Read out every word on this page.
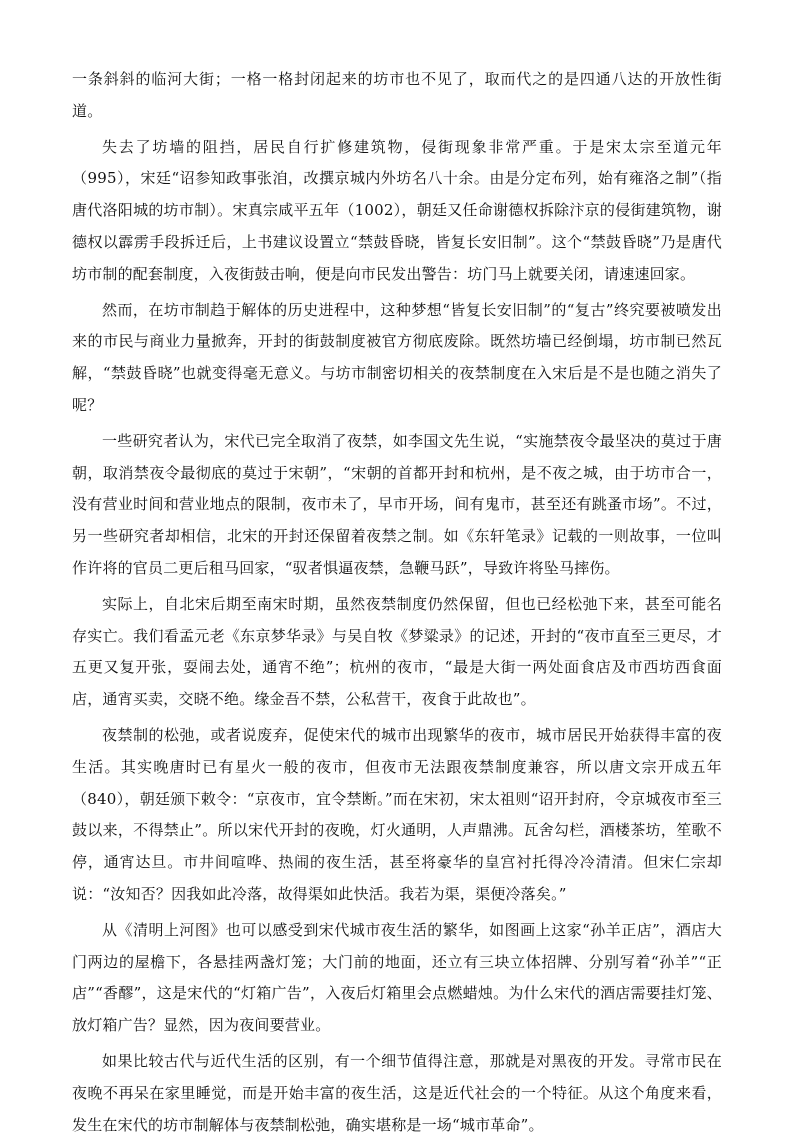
一条斜斜的临河大街；一格一格封闭起来的坊市也不见了，取而代之的是四通八达的开放性街道。

失去了坊墙的阻挡，居民自行扩修建筑物，侵街现象非常严重。于是宋太宗至道元年（995），宋廷“诏参知政事张洎，改撰京城内外坊名八十余。由是分定布列，始有雍洛之制”（指唐代洛阳城的坊市制）。宋真宗咸平五年（1002），朝廷又任命谢德权拆除汴京的侵街建筑物，谢德权以霹雳手段拆迁后，上书建议设置立“禁鼓昏晓，皆复长安旧制”。这个“禁鼓昏晓”乃是唐代坊市制的配套制度，入夜街鼓击响，便是向市民发出警告：坊门马上就要关闭，请速速回家。

然而，在坊市制趋于解体的历史进程中，这种梦想“皆复长安旧制”的“复古”终究要被喷发出来的市民与商业力量掀奔，开封的街鼓制度被官方彻底废除。既然坊墙已经倒塌，坊市制已然瓦解，“禁鼓昏晓”也就变得毫无意义。与坊市制密切相关的夜禁制度在入宋后是不是也随之消失了呢？

一些研究者认为，宋代已完全取消了夜禁，如李国文先生说，“实施禁夜令最坚决的莫过于唐朝，取消禁夜令最彻底的莫过于宋朝”，“宋朝的首都开封和杭州，是不夜之城，由于坊市合一，没有营业时间和营业地点的限制，夜市未了，早市开场，间有鬼市，甚至还有跳蚤市场”。不过，另一些研究者却相信，北宋的开封还保留着夜禁之制。如《东轩笔录》记载的一则故事，一位叫作许将的官员二更后租马回家，“驭者惧逼夜禁，急鞭马跃”，导致许将坠马摔伤。

实际上，自北宋后期至南宋时期，虽然夜禁制度仍然保留，但也已经松弛下来，甚至可能名存实亡。我们看孟元老《东京梦华录》与吴自牧《梦粱录》的记述，开封的“夜市直至三更尽，才五更又复开张，耍闹去处，通宵不绝”；杭州的夜市，“最是大街一两处面食店及市西坊西食面店，通宵买卖，交晓不绝。缘金吾不禁，公私营干，夜食于此故也”。

夜禁制的松弛，或者说废弃，促使宋代的城市出现繁华的夜市，城市居民开始获得丰富的夜生活。其实晚唐时已有星火一般的夜市，但夜市无法跟夜禁制度兼容，所以唐文宗开成五年（840），朝廷颁下敕令：“京夜市，宜令禁断。”而在宋初，宋太祖则“诏开封府，令京城夜市至三鼓以来，不得禁止”。所以宋代开封的夜晚，灯火通明，人声鼎沸。瓦舍勾栏，酒楼茶坊，笙歌不停，通宵达旦。市井间喧哗、热闹的夜生活，甚至将豪华的皇宫衬托得冷冷清清。但宋仁宗却说：“汝知否？因我如此冷落，故得渠如此快活。我若为渠，渠便冷落矣。”

从《清明上河图》也可以感受到宋代城市夜生活的繁华，如图画上这家“孙羊正店”，酒店大门两边的屋檐下，各悬挂两盏灯笼；大门前的地面，还立有三块立体招牌、分别写着“孙羊”“正店”“香醪”，这是宋代的“灯箱广告”，入夜后灯箱里会点燃蜡烛。为什么宋代的酒店需要挂灯笼、放灯箱广告？显然，因为夜间要营业。

如果比较古代与近代生活的区别，有一个细节值得注意，那就是对黑夜的开发。寻常市民在夜晚不再呆在家里睡觉，而是开始丰富的夜生活，这是近代社会的一个特征。从这个角度来看，发生在宋代的坊市制解体与夜禁制松弛，确实堪称是一场“城市革命”。
